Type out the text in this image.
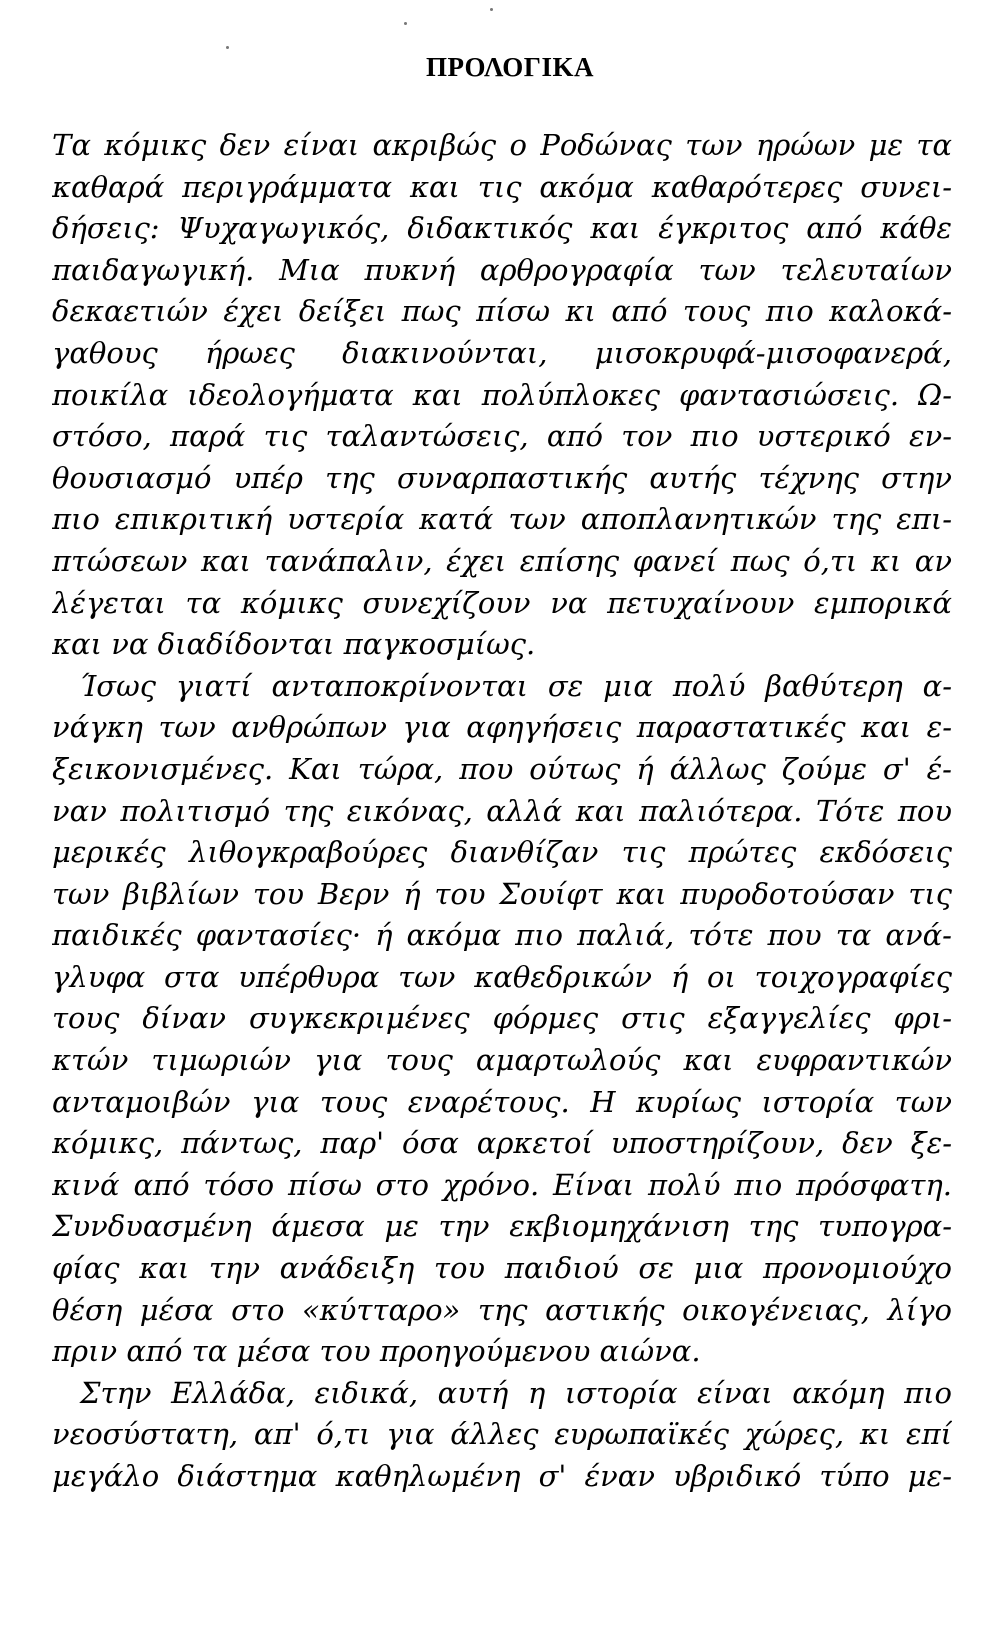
ΠΡΟΛΟΓΙΚΑ
Τα κόμικς δεν είναι ακριβώς ο Ροδώνας των ηρώων με τα
καθαρά περιγράμματα και τις ακόμα καθαρότερες συνει-
δήσεις: Ψυχαγωγικός, διδακτικός και έγκριτος από κάθε
παιδαγωγική. Μια πυκνή αρθρογραφία των τελευταίων
δεκαετιών έχει δείξει πως πίσω κι από τους πιο καλοκά-
γαθους ήρωες διακινούνται, μισοκρυφά-μισοφανερά,
ποικίλα ιδεολογήματα και πολύπλοκες φαντασιώσεις. Ω-
στόσο, παρά τις ταλαντώσεις, από τον πιο υστερικό εν-
θουσιασμό υπέρ της συναρπαστικής αυτής τέχνης στην
πιο επικριτική υστερία κατά των αποπλανητικών της επι-
πτώσεων και τανάπαλιν, έχει επίσης φανεί πως ό,τι κι αν
λέγεται τα κόμικς συνεχίζουν να πετυχαίνουν εμπορικά
και να διαδίδονται παγκοσμίως.
Ίσως γιατί ανταποκρίνονται σε μια πολύ βαθύτερη α-
νάγκη των ανθρώπων για αφηγήσεις παραστατικές και ε-
ξεικονισμένες. Και τώρα, που ούτως ή άλλως ζούμε σ' έ-
ναν πολιτισμό της εικόνας, αλλά και παλιότερα. Τότε που
μερικές λιθογκραβούρες διανθίζαν τις πρώτες εκδόσεις
των βιβλίων του Βερν ή του Σουίφτ και πυροδοτούσαν τις
παιδικές φαντασίες· ή ακόμα πιο παλιά, τότε που τα ανά-
γλυφα στα υπέρθυρα των καθεδρικών ή οι τοιχογραφίες
τους δίναν συγκεκριμένες φόρμες στις εξαγγελίες φρι-
κτών τιμωριών για τους αμαρτωλούς και ευφραντικών
ανταμοιβών για τους εναρέτους. Η κυρίως ιστορία των
κόμικς, πάντως, παρ' όσα αρκετοί υποστηρίζουν, δεν ξε-
κινά από τόσο πίσω στο χρόνο. Είναι πολύ πιο πρόσφατη.
Συνδυασμένη άμεσα με την εκβιομηχάνιση της τυπογρα-
φίας και την ανάδειξη του παιδιού σε μια προνομιούχο
θέση μέσα στο «κύτταρο» της αστικής οικογένειας, λίγο
πριν από τα μέσα του προηγούμενου αιώνα.
Στην Ελλάδα, ειδικά, αυτή η ιστορία είναι ακόμη πιο
νεοσύστατη, απ' ό,τι για άλλες ευρωπαϊκές χώρες, κι επί
μεγάλο διάστημα καθηλωμένη σ' έναν υβριδικό τύπο με-
